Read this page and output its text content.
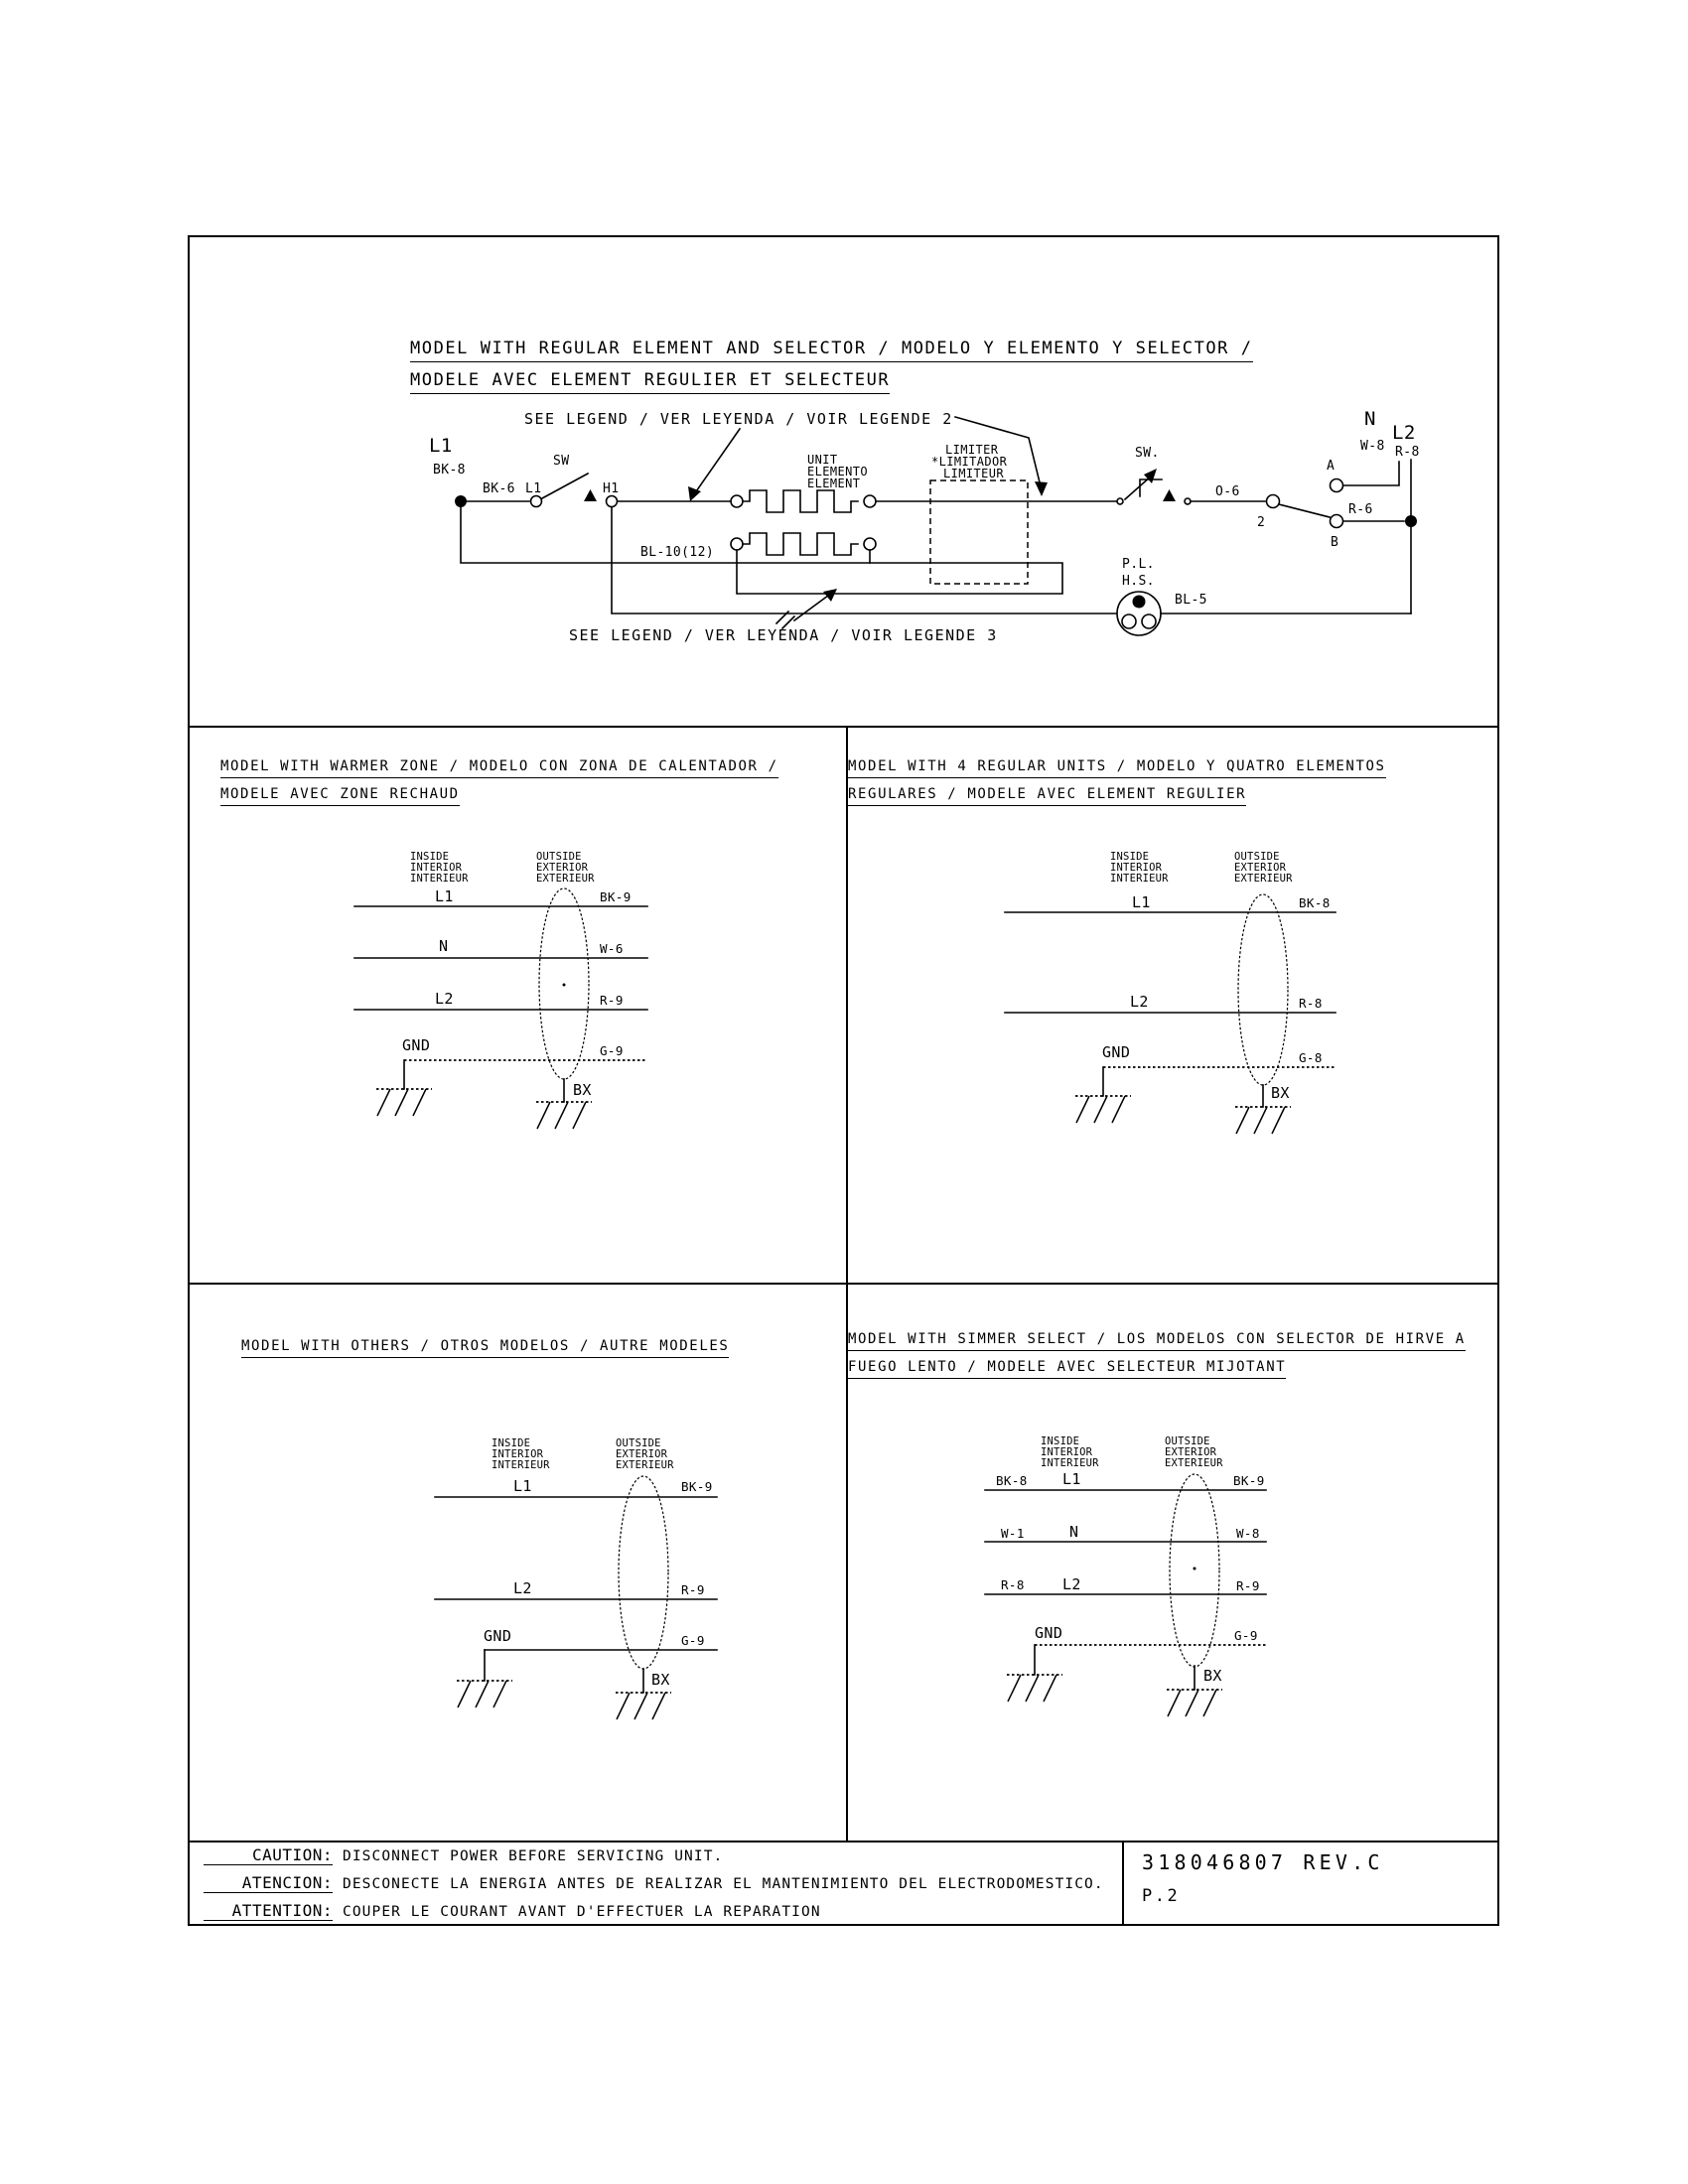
MODEL WITH REGULAR ELEMENT AND SELECTOR / MODELO Y ELEMENTO Y SELECTOR /
MODELE AVEC ELEMENT REGULIER ET SELECTEUR
MODEL WITH WARMER ZONE / MODELO CON ZONA DE CALENTADOR /
MODELE AVEC ZONE RECHAUD
MODEL WITH 4 REGULAR UNITS / MODELO Y QUATRO ELEMENTOS
REGULARES / MODELE AVEC ELEMENT REGULIER
MODEL WITH OTHERS / OTROS MODELOS / AUTRE MODELES	MODEL WITH SIMMER SELECT / LOS MODELOS CON SELECTOR DE HIRVE A
FUEGO LENTO / MODELE AVEC SELECTEUR MIJOTANT
CAUTION: DISCONNECT POWER BEFORE SERVICING UNIT.
ATENCION: DESCONECTE LA ENERGIA ANTES DE REALIZAR EL MANTENIMIENTO DEL ELECTRODOMESTICO.
ATTENTION: COUPER LE COURANT AVANT D'EFFECTUER LA REPARATION
318046807 REV.C
P.2
SEE LEGEND / VER LEYENDA / VOIR LEGENDE 2
SEE LEGEND / VER LEYENDA / VOIR LEGENDE 3
L1
BK-8
BK-6 L1
SW
H1
UNIT
ELEMENTO
ELEMENT
BL-10(12)
LIMITER
*LIMITADOR
LIMITEUR
SW.
O-6
2
B
R-6
A
W-8
N
L2
R-8
P.L.
H.S.
BL-5
INSIDE
INTERIOR
INTERIEUR
OUTSIDE
EXTERIOR
EXTERIEUR
L1	BK-9
N	W-6
L2	R-9
GND	G-9
BX
INSIDE
INTERIOR
INTERIEUR
OUTSIDE
EXTERIOR
EXTERIEUR
L1	BK-8
L2	R-8
GND	G-8
BX
INSIDE
INTERIOR
INTERIEUR
OUTSIDE
EXTERIOR
EXTERIEUR
L1	BK-9
L2	R-9
GND	G-9
BX
INSIDE
INTERIOR
INTERIEUR
OUTSIDE
EXTERIOR
EXTERIEUR
BK-8 L1	BK-9
W-1	N	W-8
R-8	L2	R-9
GND	G-9
BX
